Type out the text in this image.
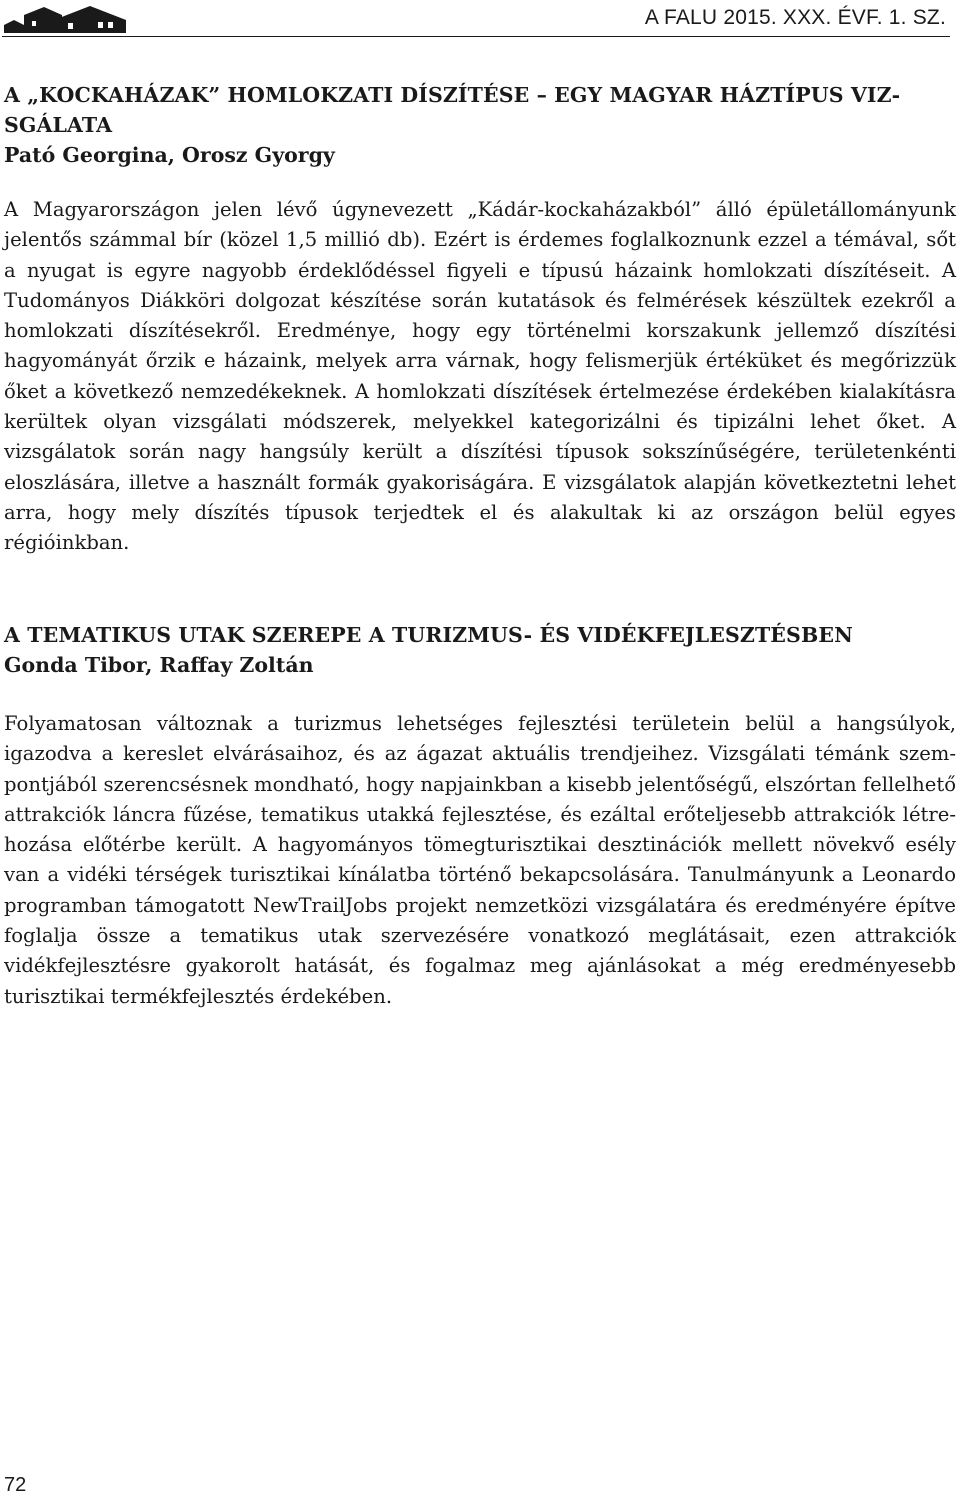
A FALU 2015. XXX. ÉVF. 1. SZ.
A „KOCKAHÁZAK” HOMLOKZATI DÍSZÍTÉSE – EGY MAGYAR HÁZTÍPUS VIZSGÁLATA

Pató Georgina, Orosz Gyorgy

A Magyarországon jelen lévő úgynevezett „Kádár-kockaházakból” álló épületállományunk jelentős számmal bír (közel 1,5 millió db). Ezért is érdemes foglalkoznunk ezzel a témával, sőt a nyugat is egyre nagyobb érdeklődéssel figyeli e típusú házaink homlokzati díszítéseit. A Tudományos Diákköri dolgozat készítése során kutatások és felmérések készültek ezekről a homlokzati díszítésekről. Eredménye, hogy egy történelmi korszakunk jellemző díszítési hagyományát őrzik e házaink, melyek arra várnak, hogy felismerjük értéküket és megőrizzük őket a következő nemzedékeknek. A homlokzati díszítések értelmezése érdekében kialakításra kerültek olyan vizsgálati módszerek, melyekkel kategorizálni és tipizálni lehet őket. A vizsgálatok során nagy hangsúly került a díszítési típusok sokszínűségére, területenkénti eloszlására, illetve a használt formák gyakoriságára. E vizsgálatok alapján következtetni lehet arra, hogy mely díszítés típusok terjedtek el és alakultak ki az országon belül egyes régióinkban.

A TEMATIKUS UTAK SZEREPE A TURIZMUS- ÉS VIDÉKFEJLESZTÉSBEN

Gonda Tibor, Raffay Zoltán

Folyamatosan változnak a turizmus lehetséges fejlesztési területein belül a hangsúlyok, igazodva a kereslet elvárásaihoz, és az ágazat aktuális trendjeihez. Vizsgálati témánk szempontjából szerencsésnek mondható, hogy napjainkban a kisebb jelentőségű, elszórtan fellelhető attrakciók láncra fűzése, tematikus utakká fejlesztése, és ezáltal erőteljesebb attrakciók létrehozása előtérbe került. A hagyományos tömegturisztikai desztinációk mellett növekvő esély van a vidéki térségek turisztikai kínálatba történő bekapcsolására. Tanulmányunk a Leonardo programban támogatott NewTrailJobs projekt nemzetközi vizsgálatára és eredményére építve foglalja össze a tematikus utak szervezésére vonatkozó meglátásait, ezen attrakciók vidékfejlesztésre gyakorolt hatását, és fogalmaz meg ajánlásokat a még eredményesebb turisztikai termékfejlesztés érdekében.

72
